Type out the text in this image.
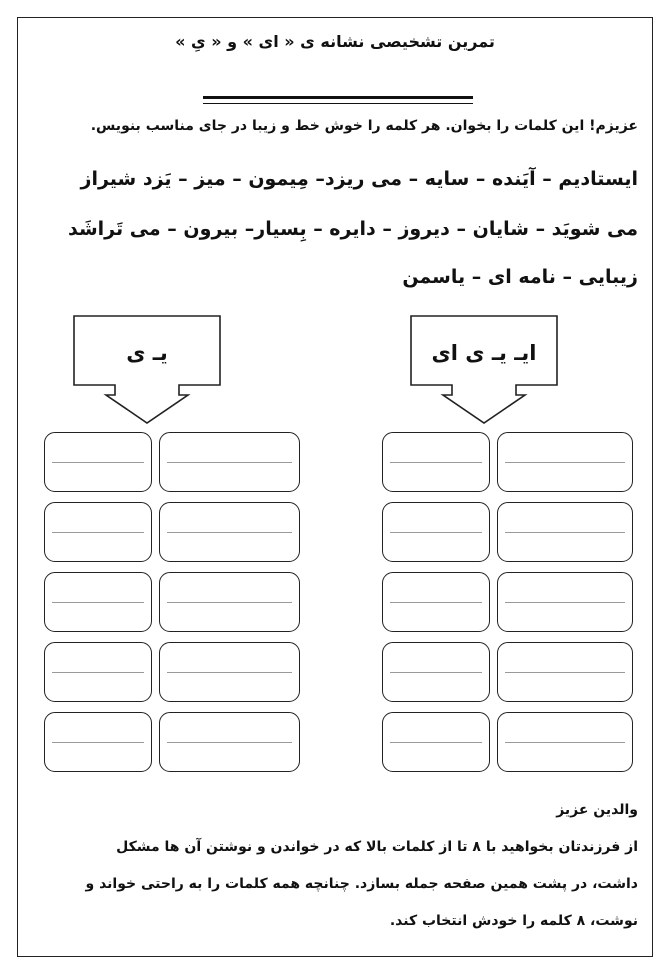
تمرین تشخیصی نشانه ی « ای » و « یِ »
عزیزم! این کلمات را بخوان. هر کلمه را خوش خط و زیبا در جای مناسب بنویس.
ایستادیم – آیَنده – سایه – می ریزد– مِیمون – میز – یَزد شیراز
می شویَد – شایان – دیروز – دایره – بِسیار– بیرون – می تَراشَد
زیبایی – نامه ای – یاسمن
یـ ی	ایـ یـ ی ای
والدین عزیز
از فرزندتان بخواهید با ۸ تا از کلمات بالا که در خواندن و نوشتن آن ها مشکل
داشت، در پشت همین صفحه جمله بسازد. چنانچه همه کلمات را به راحتی خواند و
نوشت، ۸ کلمه را خودش انتخاب کند.
